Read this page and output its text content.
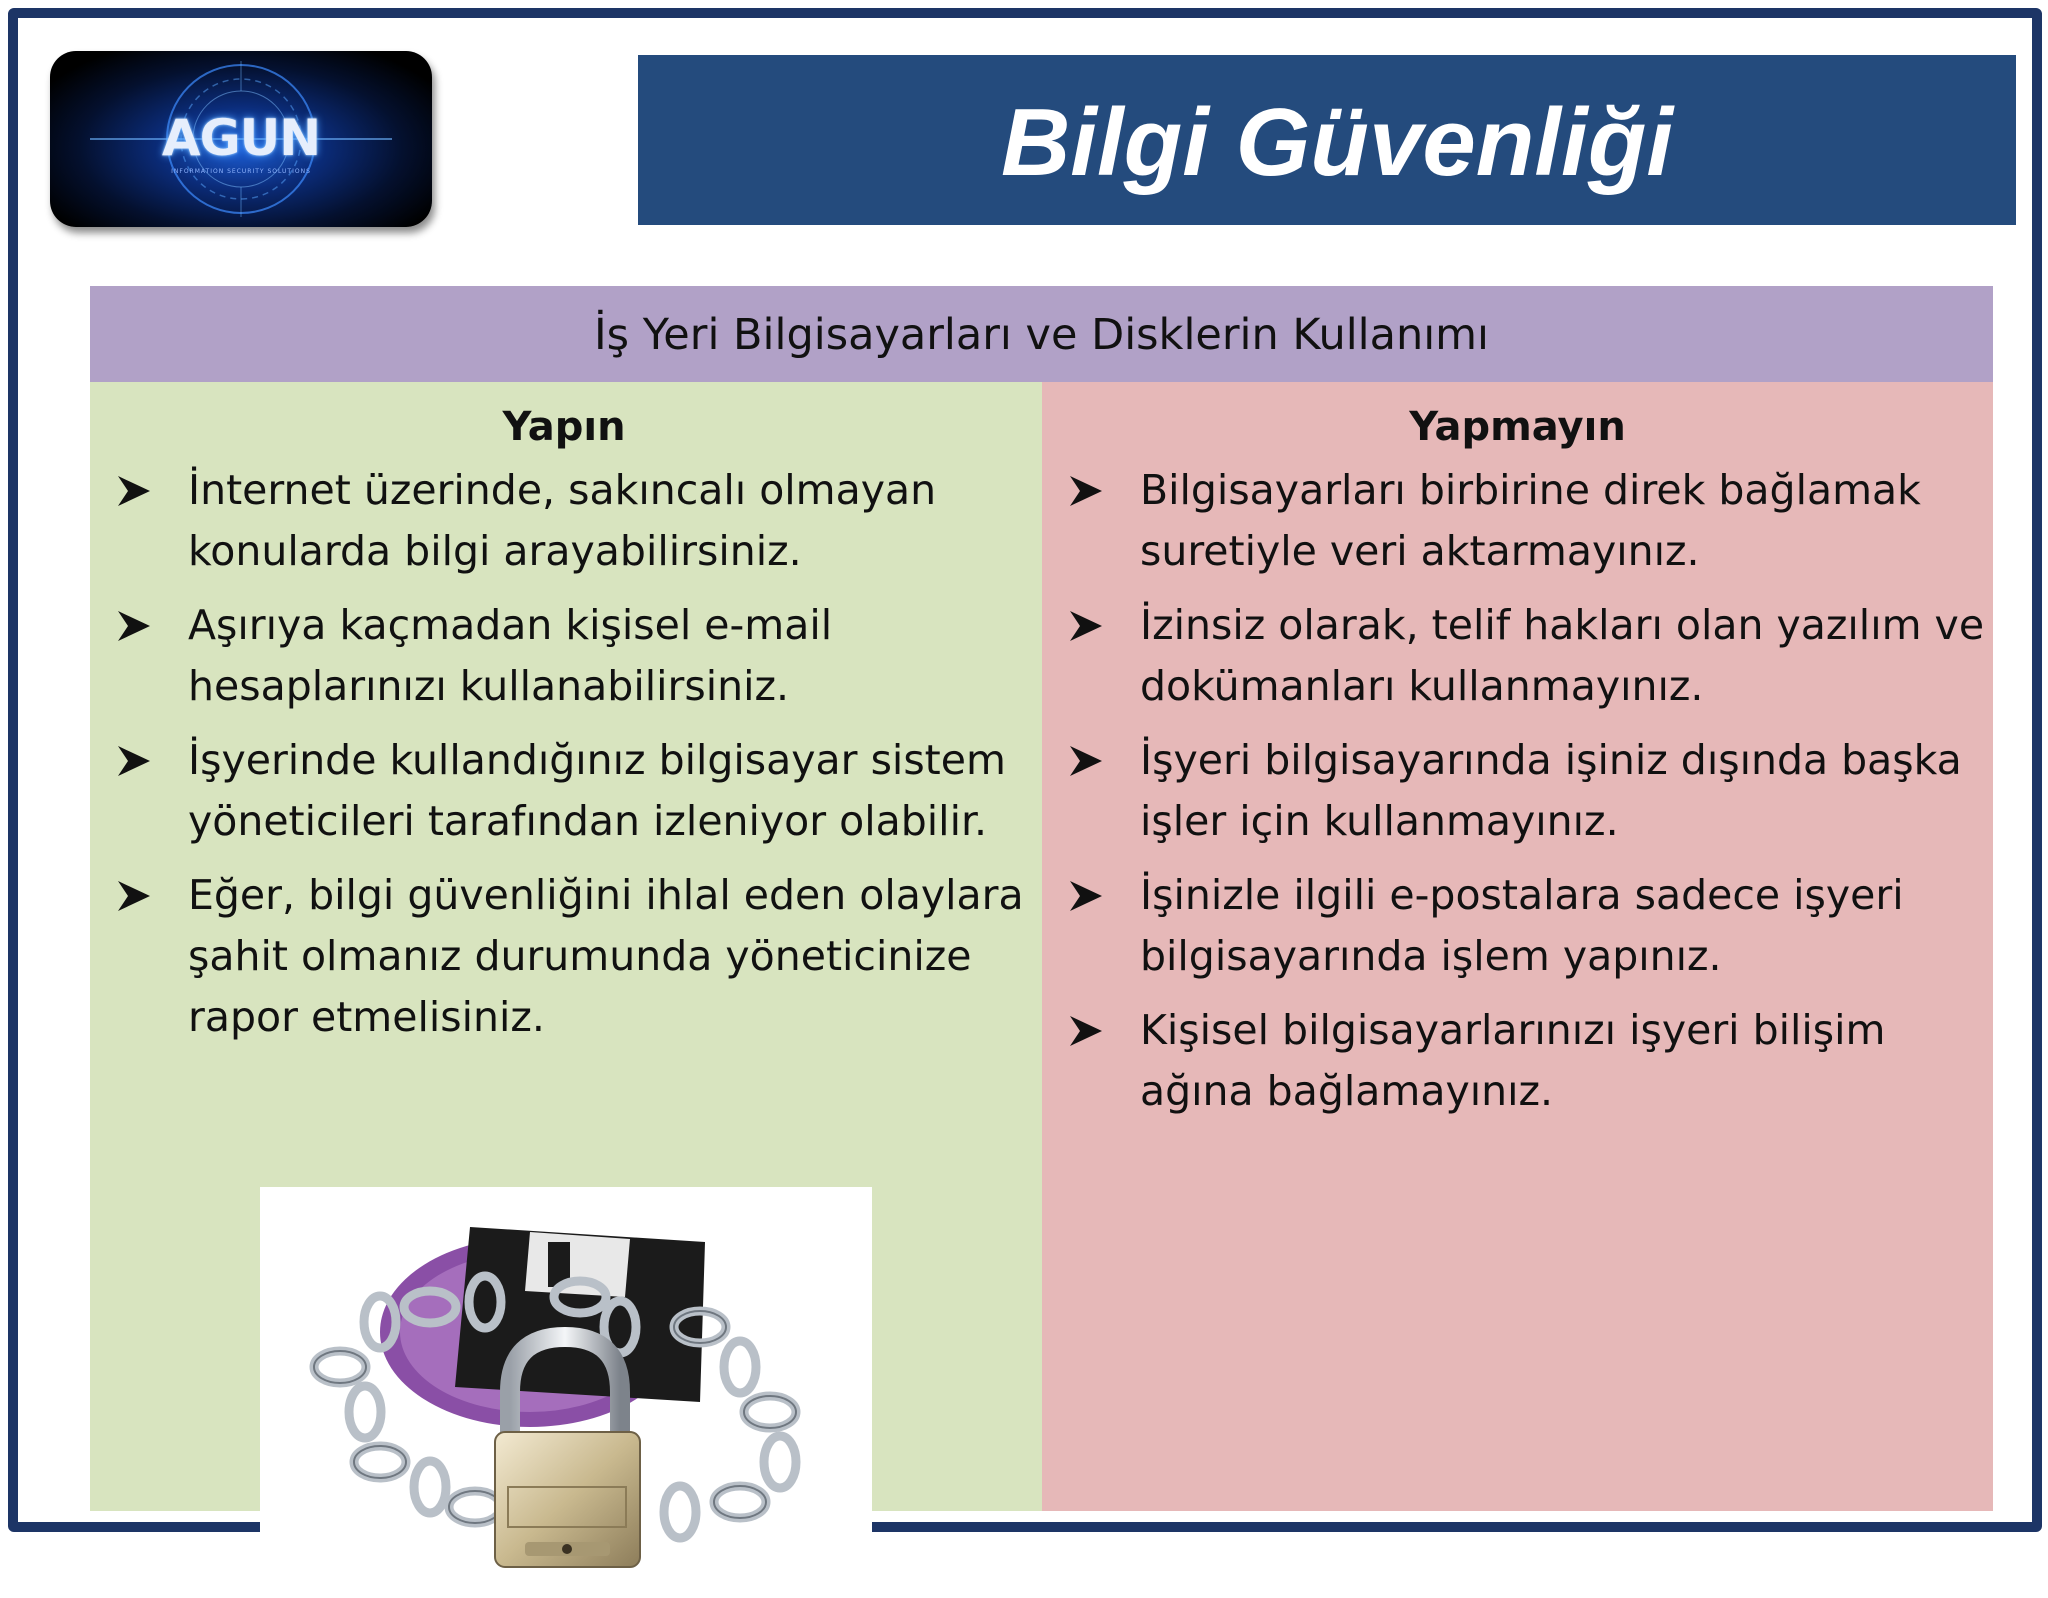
AGUN
INFORMATION SECURITY SOLUTIONS	Bilgi Güvenliği
İş Yeri Bilgisayarları ve Disklerin Kullanımı
Yapın
İnternet üzerinde, sakıncalı olmayan konularda bilgi arayabilirsiniz.
Aşırıya kaçmadan kişisel e-mail hesaplarınızı kullanabilirsiniz.
İşyerinde kullandığınız bilgisayar sistem yöneticileri tarafından izleniyor olabilir.
Eğer, bilgi güvenliğini ihlal eden olaylara şahit olmanız durumunda yöneticinize rapor etmelisiniz.
Yapmayın
Bilgisayarları birbirine direk bağlamak suretiyle veri aktarmayınız.
İzinsiz olarak, telif hakları olan yazılım ve dokümanları kullanmayınız.
İşyeri bilgisayarında işiniz dışında başka işler için kullanmayınız.
İşinizle ilgili e-postalara sadece işyeri bilgisayarında işlem yapınız.
Kişisel bilgisayarlarınızı işyeri bilişim ağına bağlamayınız.
